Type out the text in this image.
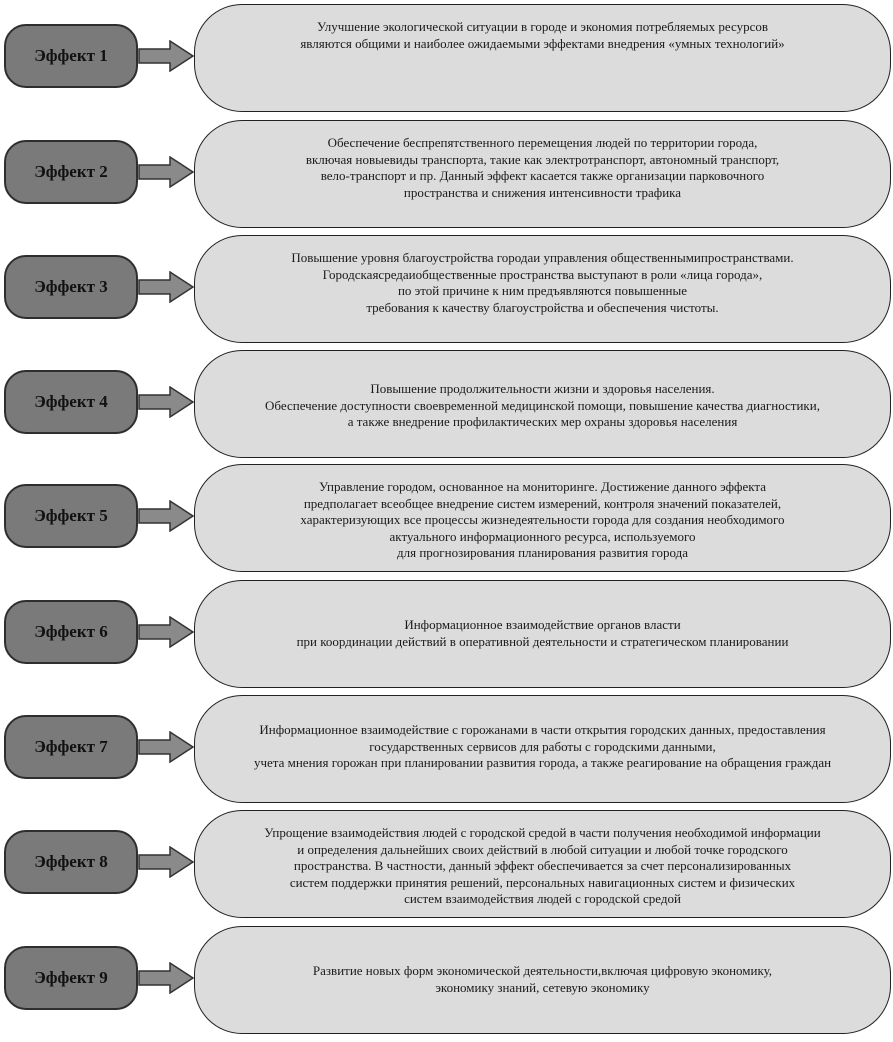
Эффект 1
Улучшение экологической ситуации в городе и экономия потребляемых ресурсов
являются общими и наиболее ожидаемыми эффектами внедрения «умных технологий»
Эффект 2
Обеспечение беспрепятственного перемещения людей по территории города,
включая новыевиды транспорта, такие как электротранспорт, автономный транспорт,
вело-транспорт и пр. Данный эффект касается также организации парковочного
пространства и снижения интенсивности трафика
Эффект 3
Повышение уровня благоустройства городаи управления общественнымипространствами.
Городскаясредаиобщественные пространства выступают в роли «лица города»,
по этой причине к ним предъявляются повышенные
требования к качеству благоустройства и обеспечения чистоты.
Эффект 4
Повышение продолжительности жизни и здоровья населения.
Обеспечение доступности своевременной медицинской помощи, повышение качества диагностики,
а также внедрение профилактических мер охраны здоровья населения
Эффект 5
Управление городом, основанное на мониторинге. Достижение данного эффекта
предполагает всеобщее внедрение систем измерений, контроля значений показателей,
характеризующих все процессы жизнедеятельности города для создания необходимого
актуального информационного ресурса, используемого
для прогнозирования планирования развития города
Эффект 6	Информационное взаимодействие органов власти
при координации действий в оперативной деятельности и стратегическом планировании
Эффект 7
Информационное взаимодействие с горожанами в части открытия городских данных, предоставления
государственных сервисов для работы с городскими данными,
учета мнения горожан при планировании развития города, а также реагирование на обращения граждан
Эффект 8
Упрощение взаимодействия людей с городской средой в части получения необходимой информации
и определения дальнейших своих действий в любой ситуации и любой точке городского
пространства. В частности, данный эффект обеспечивается за счет персонализированных
систем поддержки принятия решений, персональных навигационных систем и физических
систем взаимодействия людей с городской средой
Эффект 9	Развитие новых форм экономической деятельности,включая цифровую экономику,
экономику знаний, сетевую экономику
